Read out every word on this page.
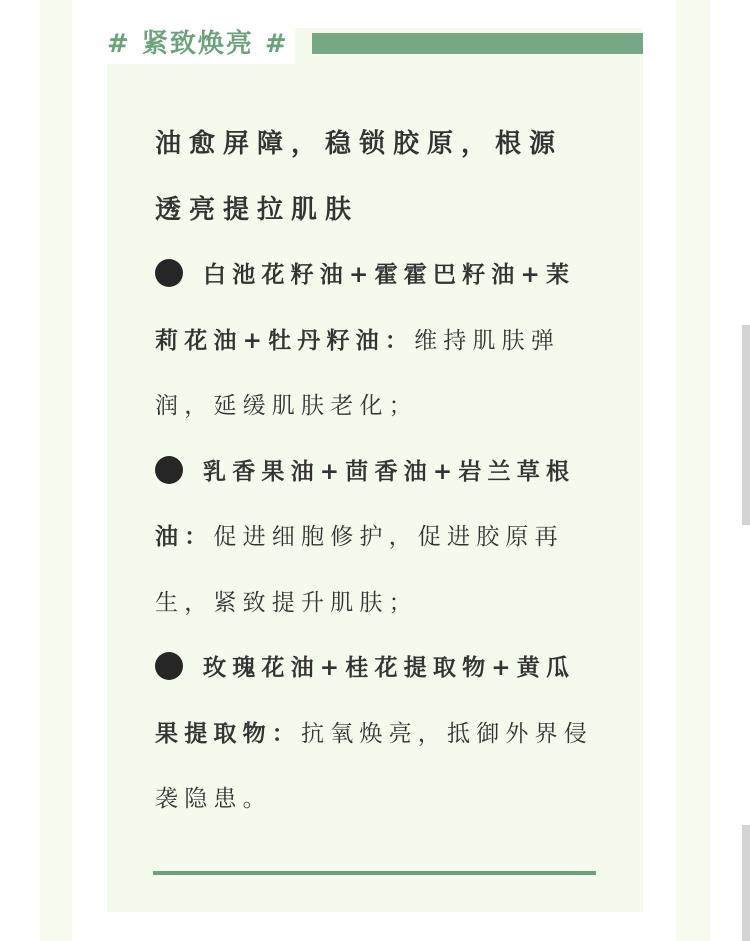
# 紧致焕亮 #

油愈屏障，稳锁胶原，根源透亮提拉肌肤

白池花籽油+霍霍巴籽油+茉莉花油+牡丹籽油：维持肌肤弹润，延缓肌肤老化；

乳香果油+茴香油+岩兰草根油：促进细胞修护，促进胶原再生，紧致提升肌肤；

玫瑰花油+桂花提取物+黄瓜果提取物：抗氧焕亮，抵御外界侵袭隐患。
